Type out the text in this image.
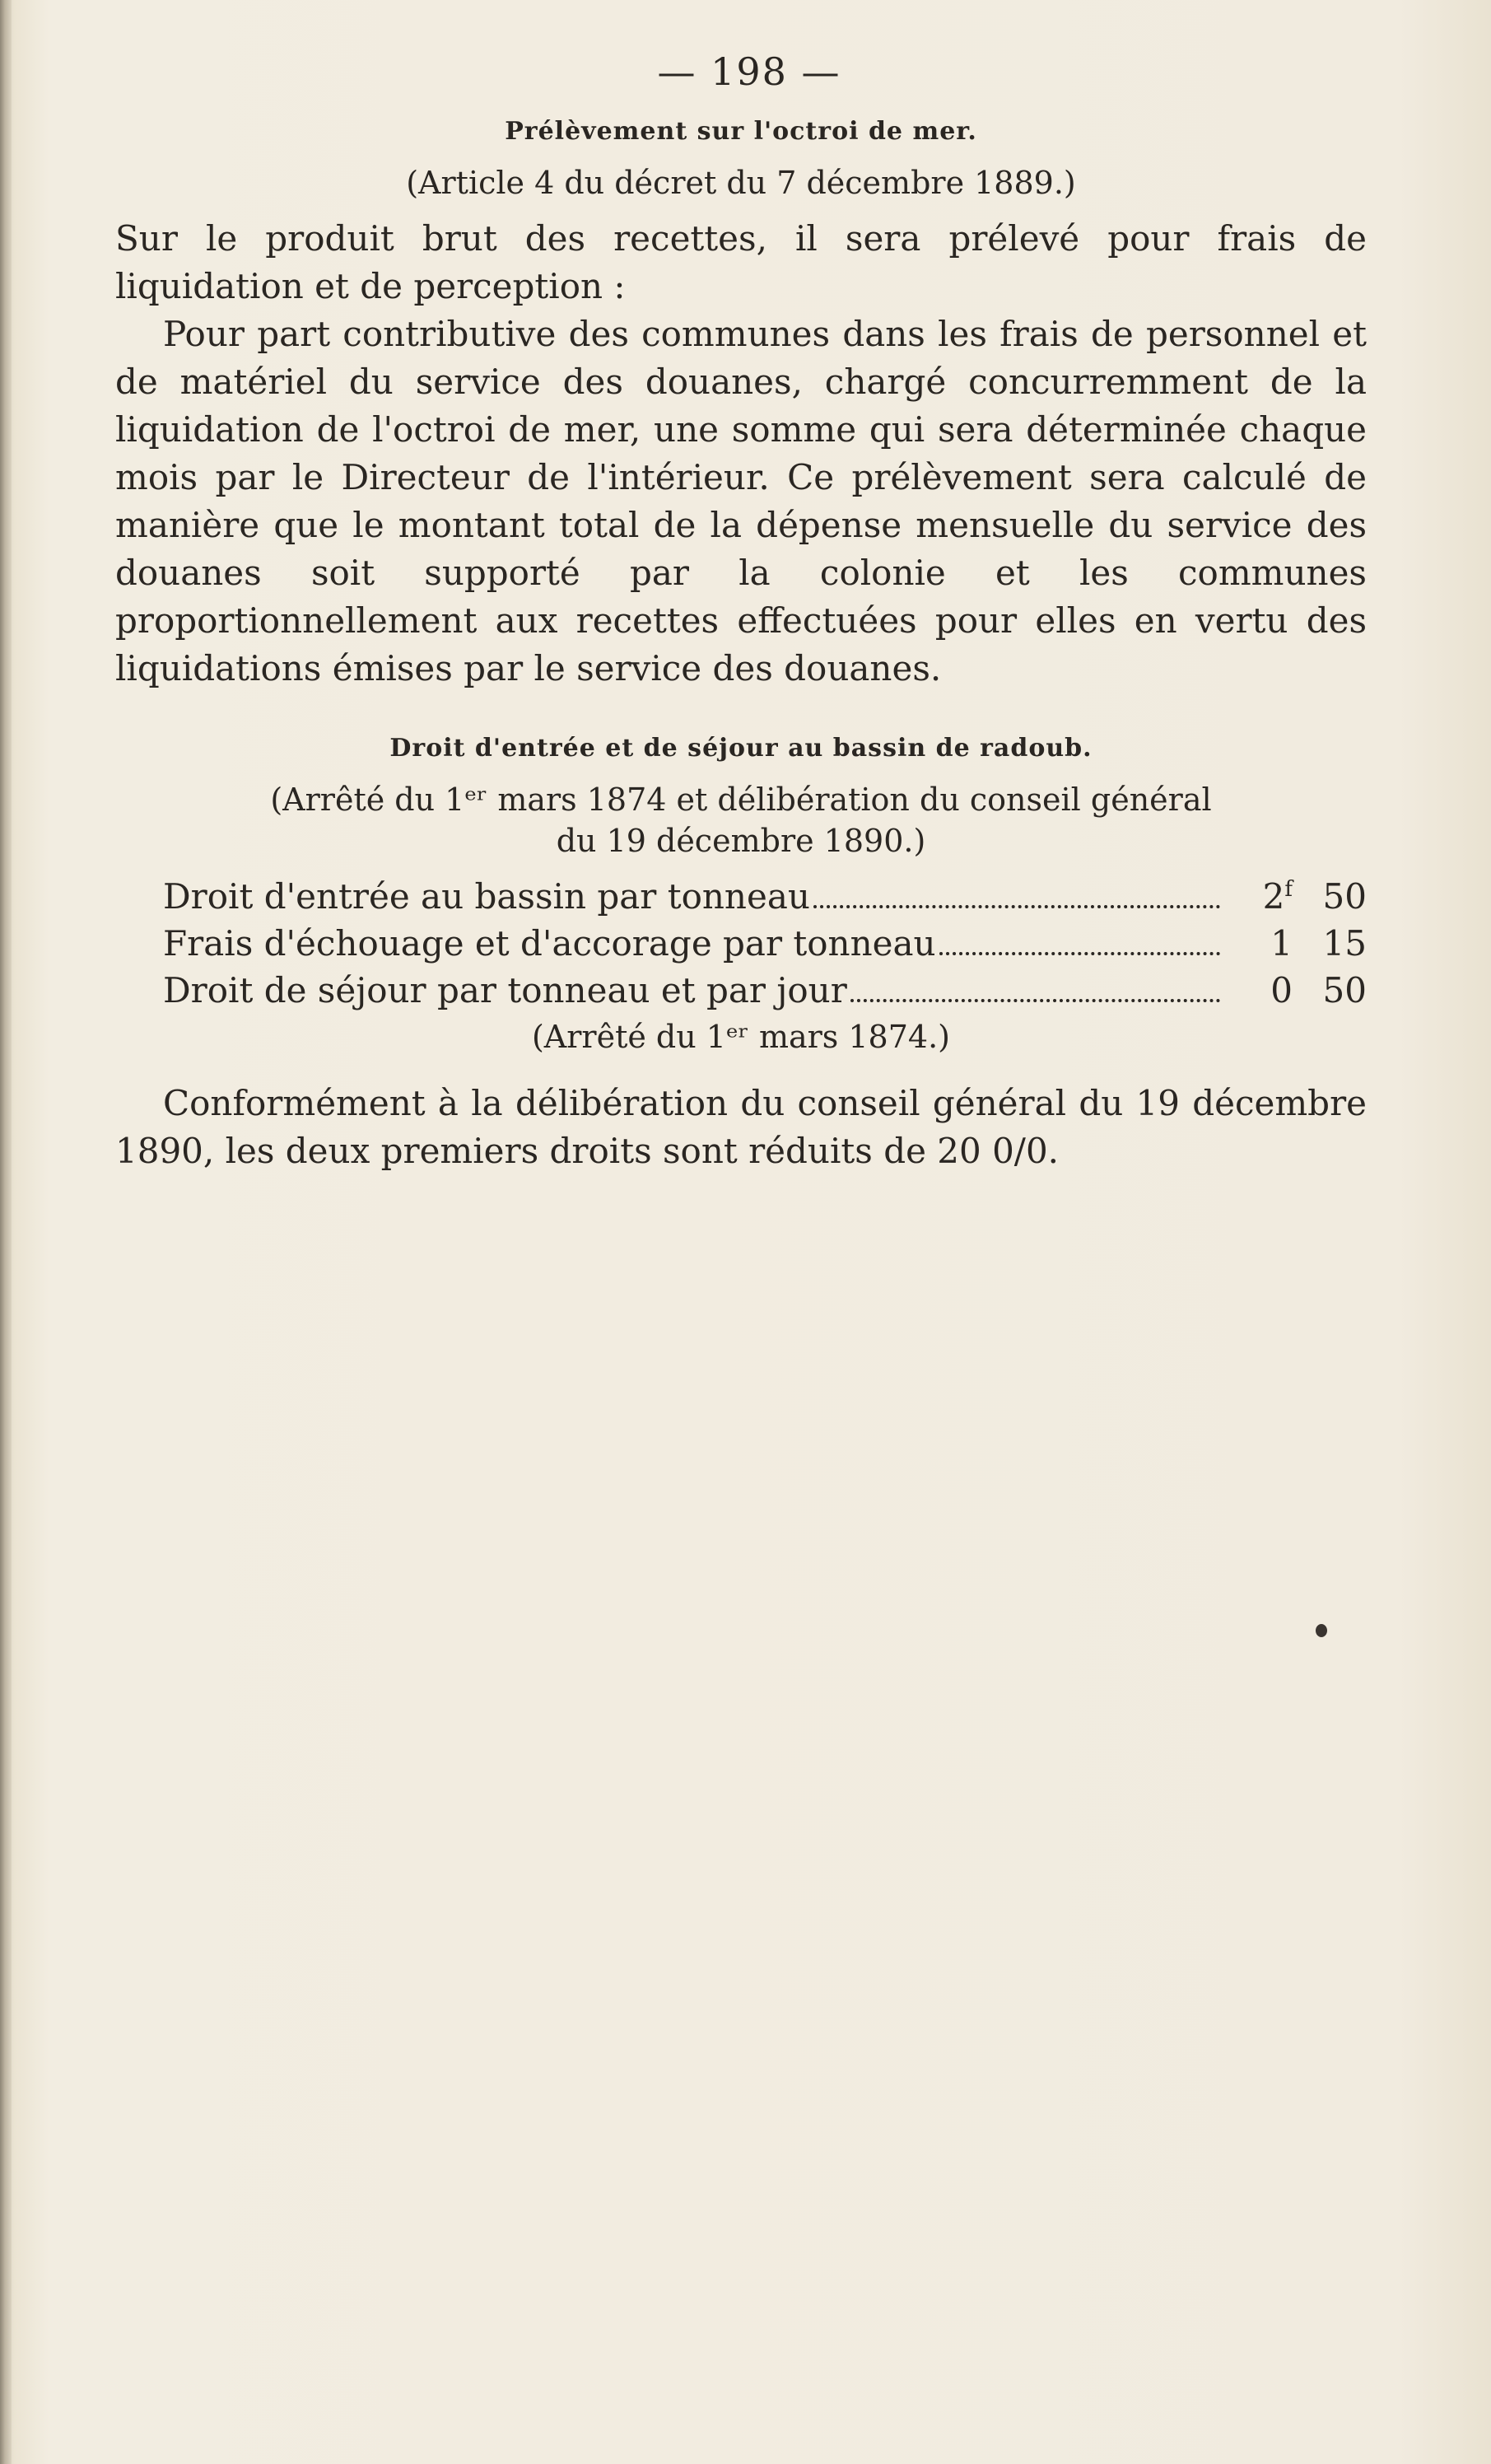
— 198 —
Prélèvement sur l'octroi de mer.
(Article 4 du décret du 7 décembre 1889.)

Sur le produit brut des recettes, il sera prélevé pour frais de liquidation et de perception :

Pour part contributive des communes dans les frais de personnel et de matériel du service des douanes, chargé concurremment de la liquidation de l'octroi de mer, une somme qui sera déterminée chaque mois par le Directeur de l'intérieur. Ce prélèvement sera calculé de manière que le montant total de la dépense mensuelle du service des douanes soit supporté par la colonie et les communes proportionnellement aux recettes effectuées pour elles en vertu des liquidations émises par le service des douanes.

Droit d'entrée et de séjour au bassin de radoub.
(Arrêté du 1ᵉʳ mars 1874 et délibération du conseil général
du 19 décembre 1890.)
Droit d'entrée au bassin par tonneau	2$^f$	50

Frais d'échouage et d'accorage par tonneau	1	15

Droit de séjour par tonneau et par jour	0	50
(Arrêté du 1ᵉʳ mars 1874.)

Conformément à la délibération du conseil général du 19 décembre 1890, les deux premiers droits sont réduits de 20 0/0.
